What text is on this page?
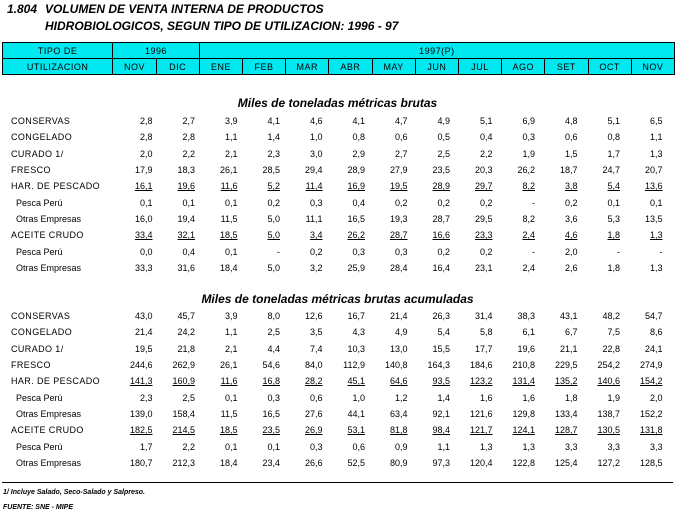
1.804 VOLUMEN DE VENTA INTERNA DE PRODUCTOS
HIDROBIOLOGICOS, SEGUN TIPO DE UTILIZACION: 1996 - 97
TIPO DE	1996		1997(P)										
UTILIZACION	NOV	DIC	ENE	FEB	MAR	ABR	MAY	JUN	JUL	AGO	SET	OCT	NOV
Miles de toneladas métricas brutas
CONSERVAS	2,8	2,7	3,9	4,1	4,6	4,1	4,7	4,9	5,1	6,9	4,8	5,1	6,5
CONGELADO	2,8	2,8	1,1	1,4	1,0	0,8	0,6	0,5	0,4	0,3	0,6	0,8	1,1
CURADO 1/	2,0	2,2	2,1	2,3	3,0	2,9	2,7	2,5	2,2	1,9	1,5	1,7	1,3
FRESCO	17,9	18,3	26,1	28,5	29,4	28,9	27,9	23,5	20,3	26,2	18,7	24,7	20,7
HAR. DE PESCADO	16,1	19,6	11,6	5,2	11,4	16,9	19,5	28,9	29,7	8,2	3,8	5,4	13,6
Pesca Perú	0,1	0,1	0,1	0,2	0,3	0,4	0,2	0,2	0,2	-	0,2	0,1	0,1
Otras Empresas	16,0	19,4	11,5	5,0	11,1	16,5	19,3	28,7	29,5	8,2	3,6	5,3	13,5
ACEITE CRUDO	33,4	32,1	18,5	5,0	3,4	26,2	28,7	16,6	23,3	2,4	4,6	1,8	1,3
Pesca Perú	0,0	0,4	0,1	-	0,2	0,3	0,3	0,2	0,2	-	2,0	-	-
Otras Empresas	33,3	31,6	18,4	5,0	3,2	25,9	28,4	16,4	23,1	2,4	2,6	1,8	1,3
Miles de toneladas métricas brutas acumuladas
CONSERVAS	43,0	45,7	3,9	8,0	12,6	16,7	21,4	26,3	31,4	38,3	43,1	48,2	54,7
CONGELADO	21,4	24,2	1,1	2,5	3,5	4,3	4,9	5,4	5,8	6,1	6,7	7,5	8,6
CURADO 1/	19,5	21,8	2,1	4,4	7,4	10,3	13,0	15,5	17,7	19,6	21,1	22,8	24,1
FRESCO	244,6	262,9	26,1	54,6	84,0	112,9	140,8	164,3	184,6	210,8	229,5	254,2	274,9
HAR. DE PESCADO	141,3	160,9	11,6	16,8	28,2	45,1	64,6	93,5	123,2	131,4	135,2	140,6	154,2
Pesca Perú	2,3	2,5	0,1	0,3	0,6	1,0	1,2	1,4	1,6	1,6	1,8	1,9	2,0
Otras Empresas	139,0	158,4	11,5	16,5	27,6	44,1	63,4	92,1	121,6	129,8	133,4	138,7	152,2
ACEITE CRUDO	182,5	214,5	18,5	23,5	26,9	53,1	81,8	98,4	121,7	124,1	128,7	130,5	131,8
Pesca Perú	1,7	2,2	0,1	0,1	0,3	0,6	0,9	1,1	1,3	1,3	3,3	3,3	3,3
Otras Empresas	180,7	212,3	18,4	23,4	26,6	52,5	80,9	97,3	120,4	122,8	125,4	127,2	128,5
1/ Incluye Salado, Seco-Salado y Salpreso.
FUENTE: SNE - MIPE
